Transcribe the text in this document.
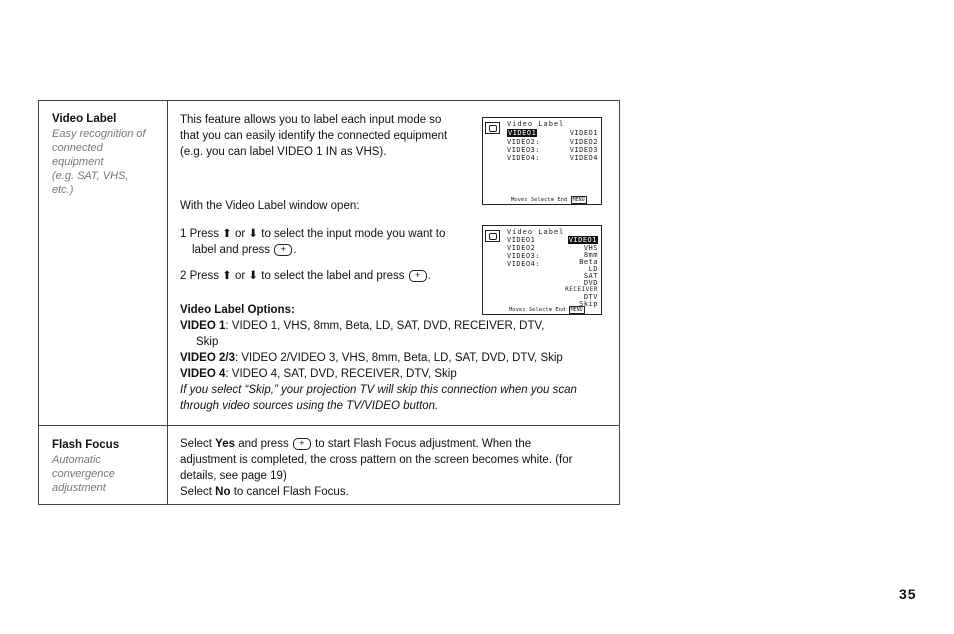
Video Label
Easy recognition of
connected
equipment
(e.g. SAT, VHS,
etc.)
This feature allows you to label each input mode so
that you can easily identify the connected equipment
(e.g. you can label VIDEO 1 IN as VHS).
With the Video Label window open:
1 Press ⬆ or ⬇ to select the input mode you want to
label and press + .
2 Press ⬆ or ⬇ to select the label and press + .
Video Label Options:
VIDEO 1: VIDEO 1, VHS, 8mm, Beta, LD, SAT, DVD, RECEIVER, DTV,
Skip
VIDEO 2/3: VIDEO 2/VIDEO 3, VHS, 8mm, Beta, LD, SAT, DVD, DTV, Skip
VIDEO 4: VIDEO 4, SAT, DVD, RECEIVER, DTV, Skip
If you select “Skip,” your projection TV will skip this connection when you scan
through video sources using the TV/VIDEO button.
Video Label
VIDEO1
VIDEO2:
VIDEO3:
VIDEO4:
VIDEO1
VIDEO2
VIDEO3
VIDEO4
Move↕ Select⊕ End MENU
Video Label
VIDEO1
VIDEO2
VIDEO3:
VIDEO4:
VIDEO1
VHS
8mm
Beta
LD
SAT
DVD
RECEIVER
DTV
Skip
Move↕ Select⊕ End MENU
Flash Focus
Automatic
convergence
adjustment
Select Yes and press + to start Flash Focus adjustment. When the
adjustment is completed, the cross pattern on the screen becomes white. (for
details, see page 19)
Select No to cancel Flash Focus.
35
